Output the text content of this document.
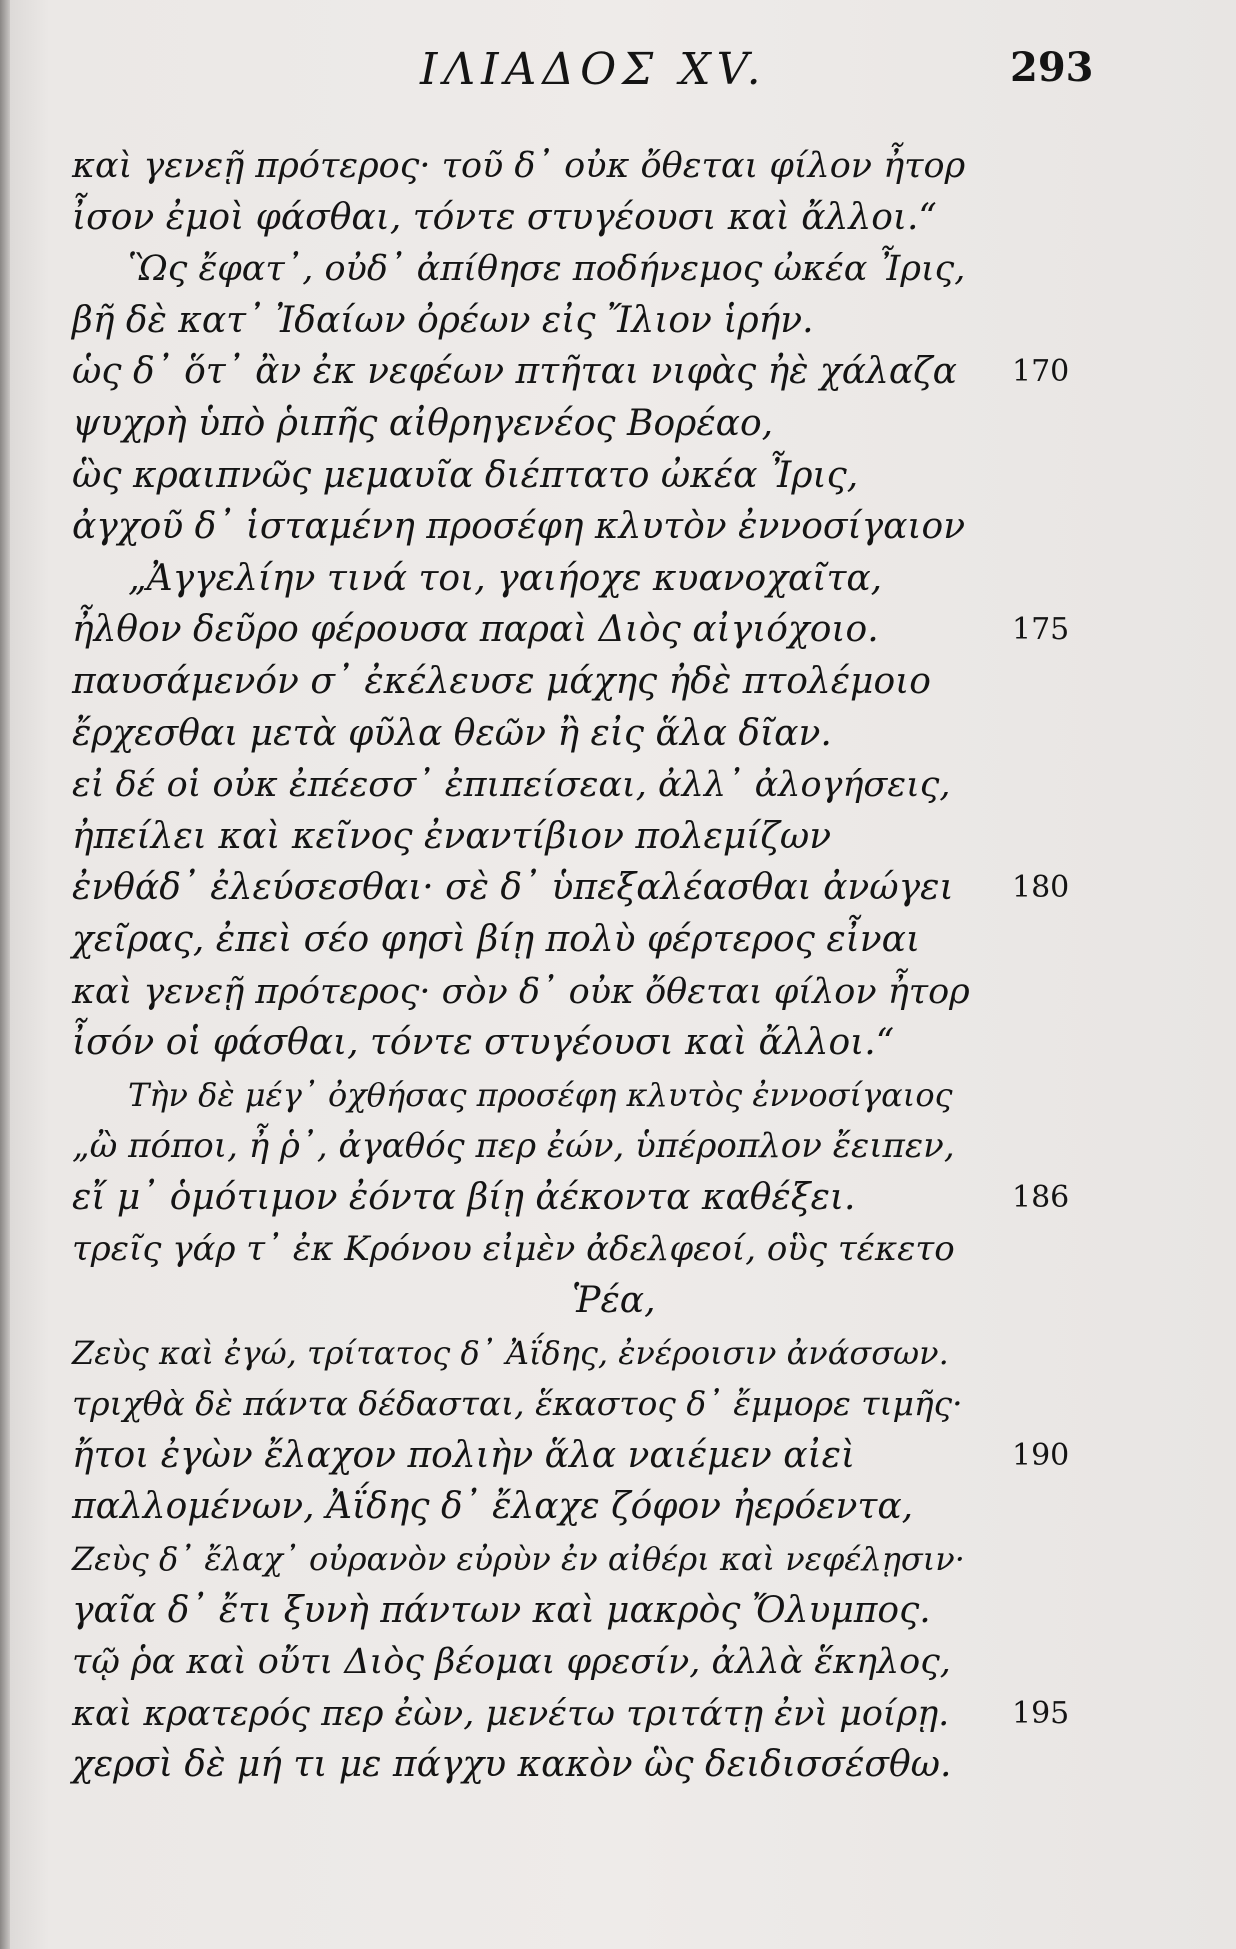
ΙΛΙΑΔΟΣ XV.	293
καὶ γενεῇ πρότερος· τοῦ δ᾽ οὐκ ὄθεται φίλον ἦτορ
ἶσον ἐμοὶ φάσθαι, τόντε στυγέουσι καὶ ἄλλοι.“
Ὣς ἔφατ᾽, οὐδ᾽ ἀπίθησε ποδήνεμος ὠκέα Ἶρις,
βῆ δὲ κατ᾽ Ἰδαίων ὀρέων εἰς Ἴλιον ἱρήν.
ὡς δ᾽ ὅτ᾽ ἂν ἐκ νεφέων πτῆται νιφὰς ἠὲ χάλαζα 170
ψυχρὴ ὑπὸ ῥιπῆς αἰθρηγενέος Βορέαο,
ὣς κραιπνῶς μεμαυῖα διέπτατο ὠκέα Ἶρις,
ἀγχοῦ δ᾽ ἱσταμένη προσέφη κλυτὸν ἐννοσίγαιον
„Ἀγγελίην τινά τοι, γαιήοχε κυανοχαῖτα,
ἦλθον δεῦρο φέρουσα παραὶ Διὸς αἰγιόχοιο.	175
παυσάμενόν σ᾽ ἐκέλευσε μάχης ἠδὲ πτολέμοιο
ἔρχεσθαι μετὰ φῦλα θεῶν ἢ εἰς ἅλα δῖαν.
εἰ δέ οἱ οὐκ ἐπέεσσ᾽ ἐπιπείσεαι, ἀλλ᾽ ἀλογήσεις,
ἠπείλει καὶ κεῖνος ἐναντίβιον πολεμίζων
ἐνθάδ᾽ ἐλεύσεσθαι· σὲ δ᾽ ὑπεξαλέασθαι ἀνώγει 180
χεῖρας, ἐπεὶ σέο φησὶ βίῃ πολὺ φέρτερος εἶναι
καὶ γενεῇ πρότερος· σὸν δ᾽ οὐκ ὄθεται φίλον ἦτορ
ἶσόν οἱ φάσθαι, τόντε στυγέουσι καὶ ἄλλοι.“
Τὴν δὲ μέγ᾽ ὀχθήσας προσέφη κλυτὸς ἐννοσίγαιος
„ὢ πόποι, ἦ ῥ᾽, ἀγαθός περ ἐών, ὑπέροπλον ἔειπεν,
εἴ μ᾽ ὁμότιμον ἐόντα βίῃ ἀέκοντα καθέξει.	186
τρεῖς γάρ τ᾽ ἐκ Κρόνου εἰμὲν ἀδελφεοί, οὓς τέκετο
Ῥέα,
Ζεὺς καὶ ἐγώ, τρίτατος δ᾽ Ἀΐδης, ἐνέροισιν ἀνάσσων.
τριχθὰ δὲ πάντα δέδασται, ἕκαστος δ᾽ ἔμμορε τιμῆς·
ἤτοι ἐγὼν ἔλαχον πολιὴν ἅλα ναιέμεν αἰεὶ	190
παλλομένων, Ἀΐδης δ᾽ ἔλαχε ζόφον ἠερόεντα,
Ζεὺς δ᾽ ἔλαχ᾽ οὐρανὸν εὐρὺν ἐν αἰθέρι καὶ νεφέλῃσιν·
γαῖα δ᾽ ἔτι ξυνὴ πάντων καὶ μακρὸς Ὄλυμπος.
τῷ ῥα καὶ οὔτι Διὸς βέομαι φρεσίν, ἀλλὰ ἕκηλος,
καὶ κρατερός περ ἐὼν, μενέτω τριτάτῃ ἐνὶ μοίρῃ. 195
χερσὶ δὲ μή τι με πάγχυ κακὸν ὣς δειδισσέσθω.
